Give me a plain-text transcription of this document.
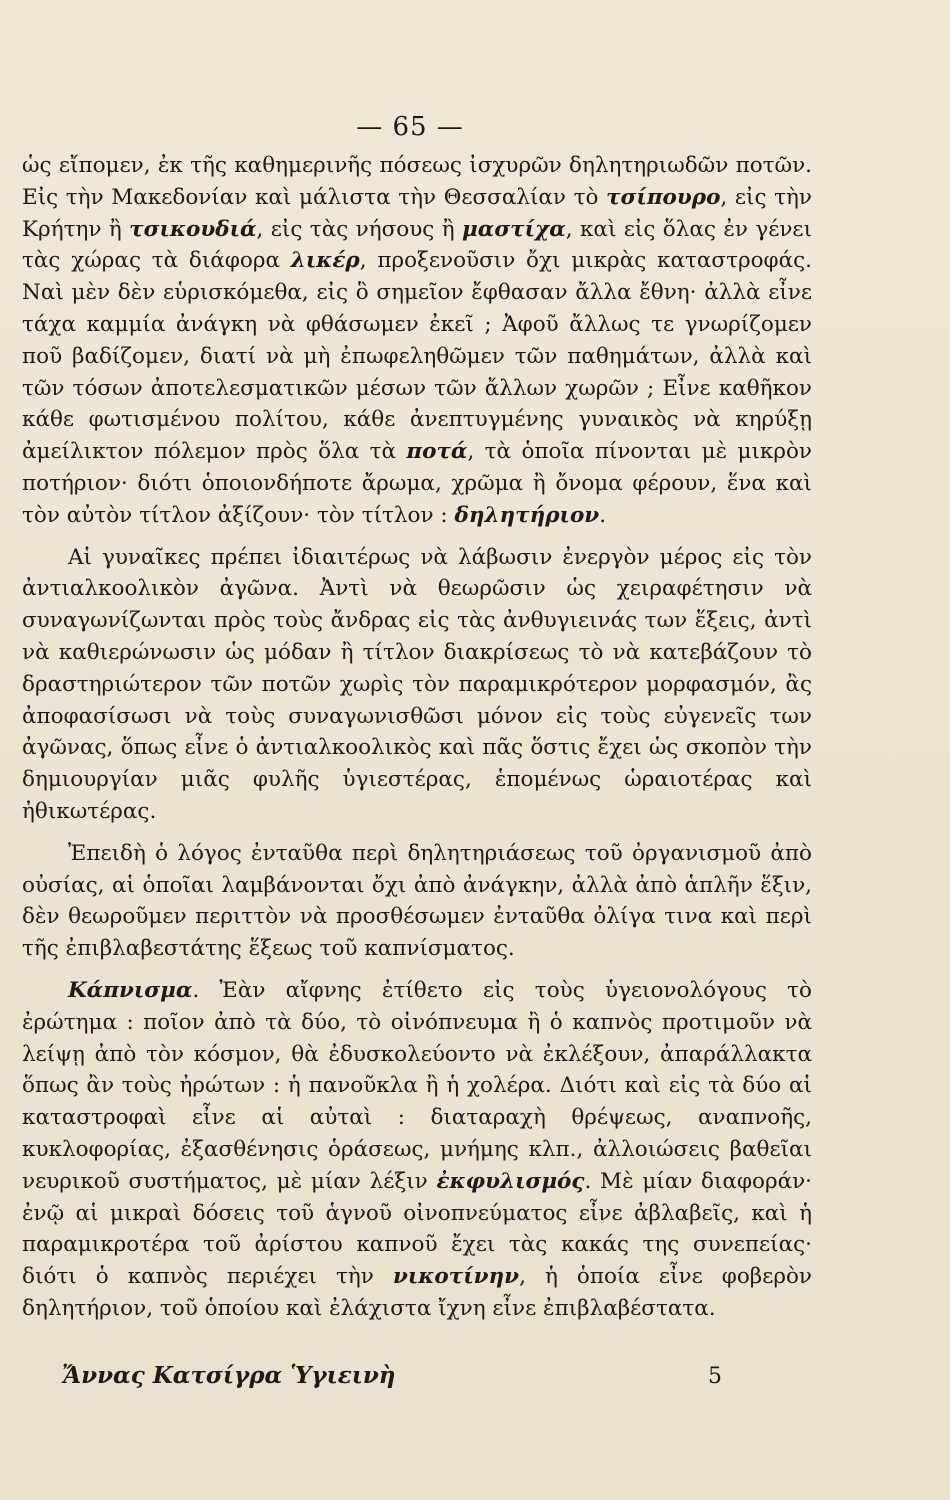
— 65 —

ὡς εἴπομεν, ἐκ τῆς καθημερινῆς πόσεως ἰσχυρῶν δηλητηριωδῶν ποτῶν. Εἰς τὴν Μακεδονίαν καὶ μάλιστα τὴν Θεσσαλίαν τὸ τσίπουρο, εἰς τὴν Κρήτην ἢ τσικουδιά, εἰς τὰς νήσους ἢ μαστίχα, καὶ εἰς ὅλας ἐν γένει τὰς χώρας τὰ διάφορα λικέρ, προξενοῦσιν ὄχι μικρὰς καταστροφάς. Ναὶ μὲν δὲν εὑρισκόμεθα, εἰς ὃ σημεῖον ἔφθασαν ἄλλα ἔθνη· ἀλλὰ εἶνε τάχα καμμία ἀνάγκη νὰ φθάσωμεν ἐκεῖ ; Ἀφοῦ ἄλλως τε γνωρίζομεν ποῦ βαδίζομεν, διατί νὰ μὴ ἐπωφεληθῶμεν τῶν παθημάτων, ἀλλὰ καὶ τῶν τόσων ἀποτελεσματικῶν μέσων τῶν ἄλλων χωρῶν ; Εἶνε καθῆκον κάθε φωτισμένου πολίτου, κάθε ἀνεπτυγμένης γυναικὸς νὰ κηρύξῃ ἀμείλικτον πόλεμον πρὸς ὅλα τὰ ποτά, τὰ ὁποῖα πίνονται μὲ μικρὸν ποτήριον· διότι ὁποιονδήποτε ἄρωμα, χρῶμα ἢ ὄνομα φέρουν, ἕνα καὶ τὸν αὐτὸν τίτλον ἀξίζουν· τὸν τίτλον : δηλητήριον.

Αἱ γυναῖκες πρέπει ἰδιαιτέρως νὰ λάβωσιν ἐνεργὸν μέρος εἰς τὸν ἀντιαλκοολικὸν ἀγῶνα. Ἀντὶ νὰ θεωρῶσιν ὡς χειραφέτησιν νὰ συναγωνίζωνται πρὸς τοὺς ἄνδρας εἰς τὰς ἀνθυγιεινάς των ἕξεις, ἀντὶ νὰ καθιερώνωσιν ὡς μόδαν ἢ τίτλον διακρίσεως τὸ νὰ κατεβάζουν τὸ δραστηριώτερον τῶν ποτῶν χωρὶς τὸν παραμικρότερον μορφασμόν, ἂς ἀποφασίσωσι νὰ τοὺς συναγωνισθῶσι μόνον εἰς τοὺς εὐγενεῖς των ἀγῶνας, ὅπως εἶνε ὁ ἀντιαλκοολικὸς καὶ πᾶς ὅστις ἔχει ὡς σκοπὸν τὴν δημιουργίαν μιᾶς φυλῆς ὑγιεστέρας, ἑπομένως ὡραιοτέρας καὶ ἠθικωτέρας.

Ἐπειδὴ ὁ λόγος ἐνταῦθα περὶ δηλητηριάσεως τοῦ ὀργανισμοῦ ἀπὸ οὐσίας, αἱ ὁποῖαι λαμβάνονται ὄχι ἀπὸ ἀνάγκην, ἀλλὰ ἀπὸ ἁπλῆν ἕξιν, δὲν θεωροῦμεν περιττὸν νὰ προσθέσωμεν ἐνταῦθα ὀλίγα τινα καὶ περὶ τῆς ἐπιβλαβεστάτης ἕξεως τοῦ καπνίσματος.

Κάπνισμα. Ἐὰν αἴφνης ἐτίθετο εἰς τοὺς ὑγειονολόγους τὸ ἐρώτημα : ποῖον ἀπὸ τὰ δύο, τὸ οἰνόπνευμα ἢ ὁ καπνὸς προτιμοῦν νὰ λείψῃ ἀπὸ τὸν κόσμον, θὰ ἐδυσκολεύοντο νὰ ἐκλέξουν, ἀπαράλλακτα ὅπως ἂν τοὺς ἠρώτων : ἡ πανοῦκλα ἢ ἡ χολέρα. Διότι καὶ εἰς τὰ δύο αἱ καταστροφαὶ εἶνε αἱ αὐταὶ : διαταραχὴ θρέψεως, αναπνοῆς, κυκλοφορίας, ἐξασθένησις ὁράσεως, μνήμης κλπ., ἀλλοιώσεις βαθεῖαι νευρικοῦ συστήματος, μὲ μίαν λέξιν ἐκφυλισμός. Μὲ μίαν διαφοράν· ἐνῷ αἱ μικραὶ δόσεις τοῦ ἁγνοῦ οἰνοπνεύματος εἶνε ἀβλαβεῖς, καὶ ἡ παραμικροτέρα τοῦ ἀρίστου καπνοῦ ἔχει τὰς κακάς της συνεπείας· διότι ὁ καπνὸς περιέχει τὴν νικοτίνην, ἡ ὁποία εἶνε φοβερὸν δηλητήριον, τοῦ ὁποίου καὶ ἐλάχιστα ἴχνη εἶνε ἐπιβλαβέστατα.

Ἄννας Κατσίγρα Ὑγιεινὴ	5
